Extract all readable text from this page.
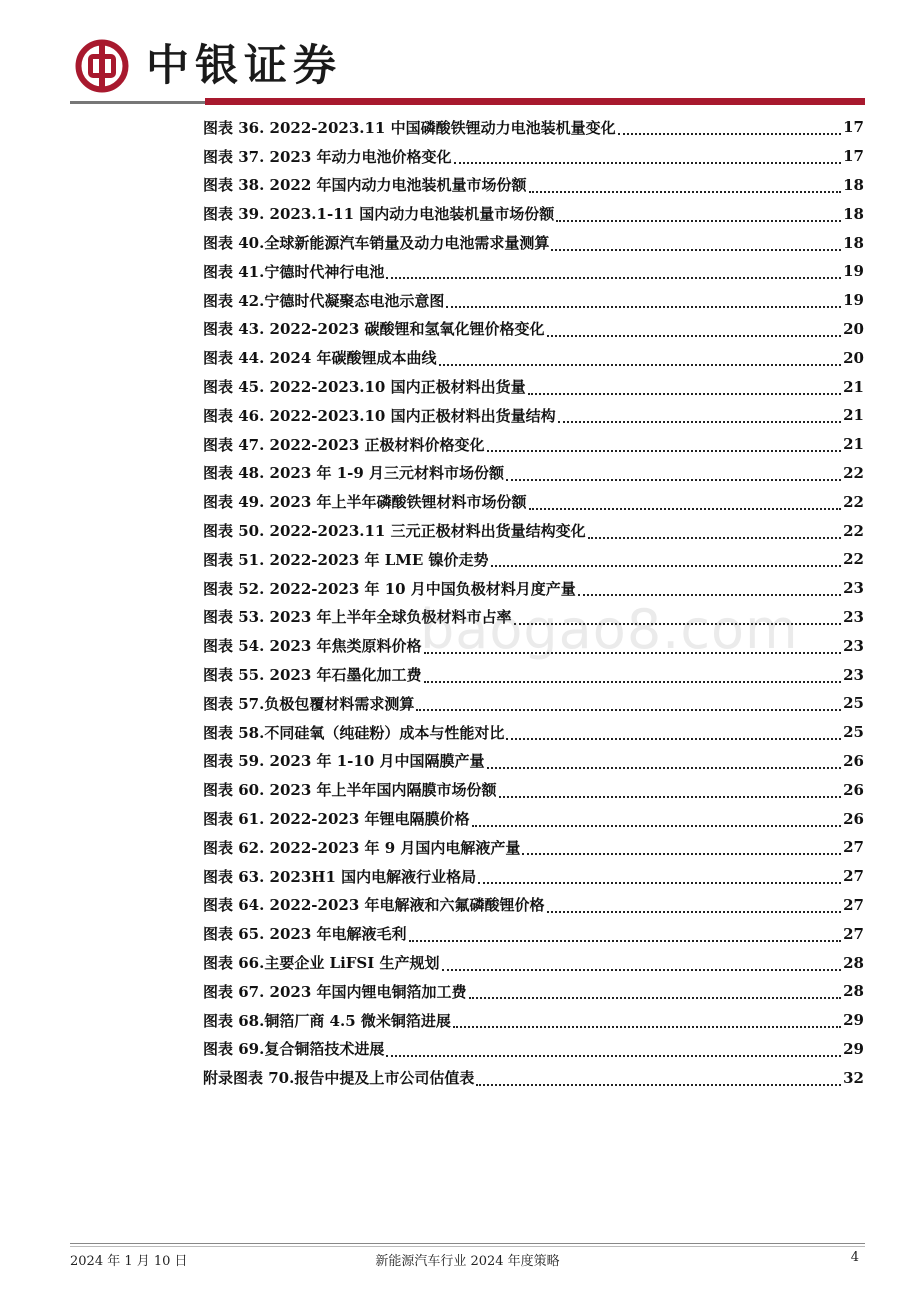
中银证券
图表 36. 2022-2023.11 中国磷酸铁锂动力电池装机量变化	17
图表 37. 2023 年动力电池价格变化	17
图表 38. 2022 年国内动力电池装机量市场份额	18
图表 39. 2023.1-11 国内动力电池装机量市场份额	18
图表 40.全球新能源汽车销量及动力电池需求量测算	18
图表 41.宁德时代神行电池	19
图表 42.宁德时代凝聚态电池示意图	19
图表 43. 2022-2023 碳酸锂和氢氧化锂价格变化	20
图表 44. 2024 年碳酸锂成本曲线	20
图表 45. 2022-2023.10 国内正极材料出货量	21
图表 46. 2022-2023.10 国内正极材料出货量结构	21
图表 47. 2022-2023 正极材料价格变化	21
图表 48. 2023 年 1-9 月三元材料市场份额	22
图表 49. 2023 年上半年磷酸铁锂材料市场份额	22
图表 50. 2022-2023.11 三元正极材料出货量结构变化	22
图表 51. 2022-2023 年 LME 镍价走势	22
图表 52. 2022-2023 年 10 月中国负极材料月度产量	23
图表 53. 2023 年上半年全球负极材料市占率	23
图表 54. 2023 年焦类原料价格	23
图表 55. 2023 年石墨化加工费	23
图表 57.负极包覆材料需求测算	25
图表 58.不同硅氧（纯硅粉）成本与性能对比	25
图表 59. 2023 年 1-10 月中国隔膜产量	26
图表 60. 2023 年上半年国内隔膜市场份额	26
图表 61. 2022-2023 年锂电隔膜价格	26
图表 62. 2022-2023 年 9 月国内电解液产量	27
图表 63. 2023H1 国内电解液行业格局	27
图表 64. 2022-2023 年电解液和六氟磷酸锂价格	27
图表 65. 2023 年电解液毛利	27
图表 66.主要企业 LiFSI 生产规划	28
图表 67. 2023 年国内锂电铜箔加工费	28
图表 68.铜箔厂商 4.5 微米铜箔进展	29
图表 69.复合铜箔技术进展	29
附录图表 70.报告中提及上市公司估值表	32
baogao8.com
2024 年 1 月 10 日	新能源汽车行业 2024 年度策略	4
